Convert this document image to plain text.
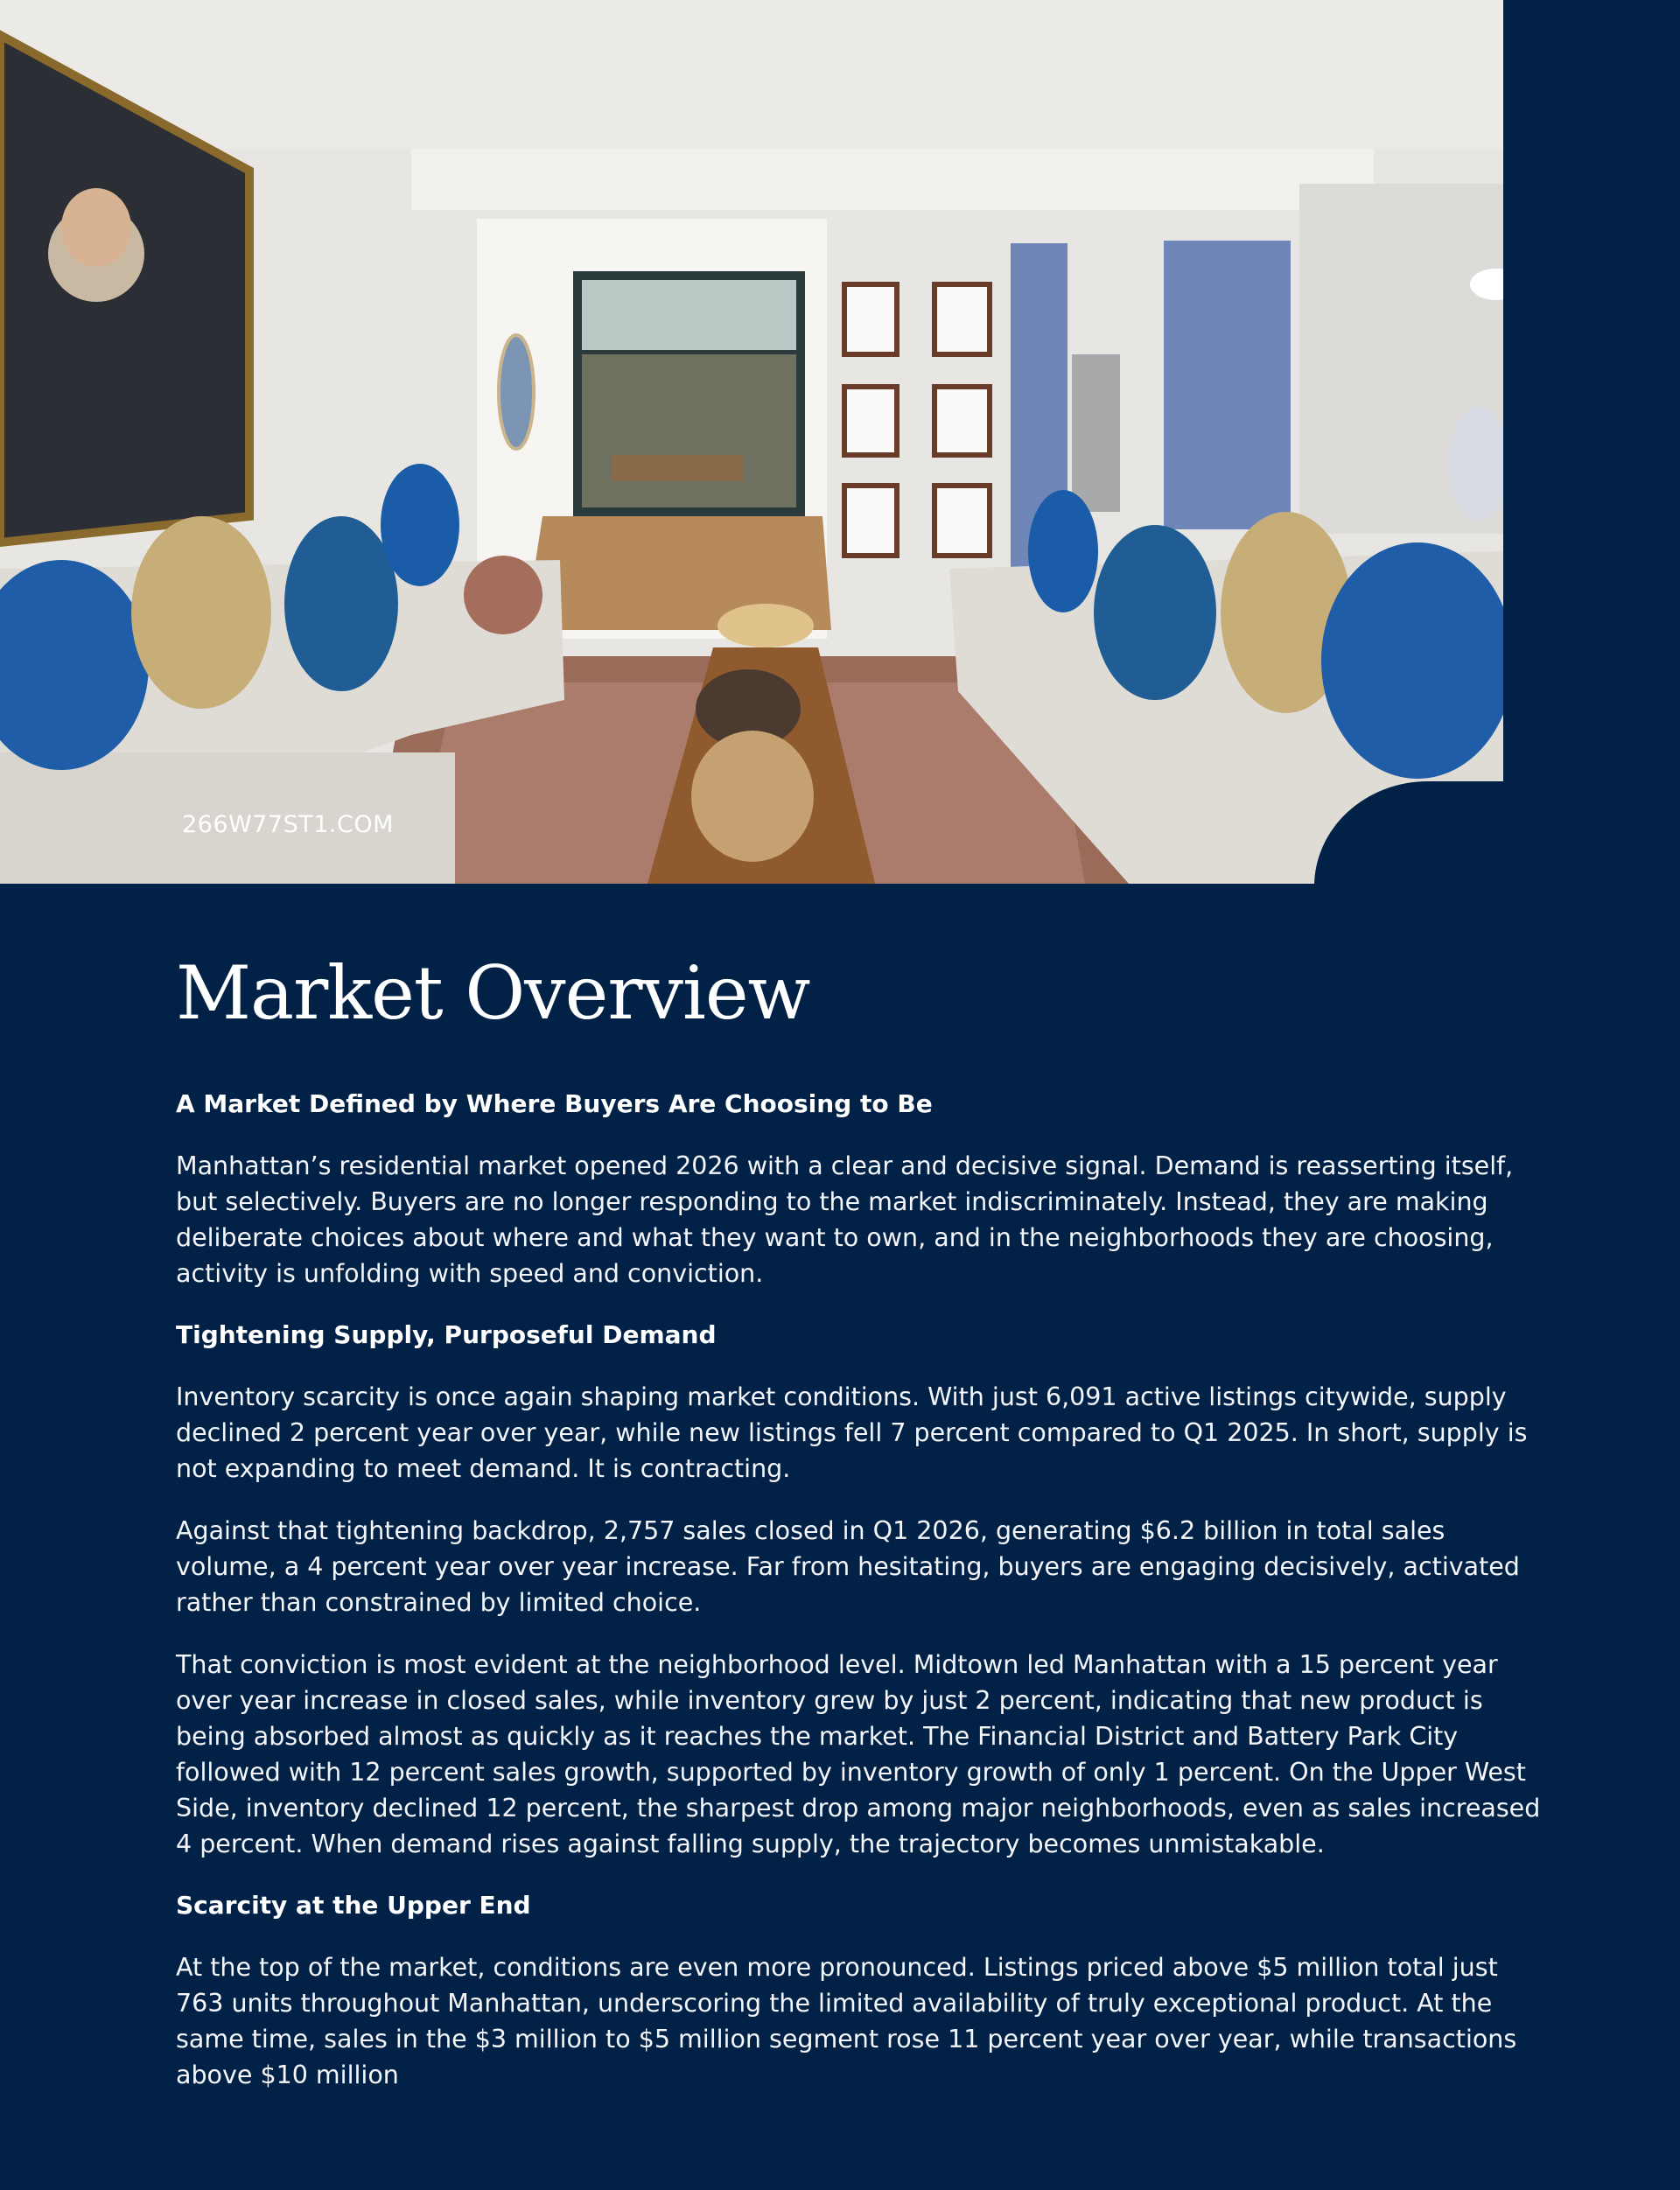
266W77ST1.COM
Market Overview
A Market Defined by Where Buyers Are Choosing to Be

Manhattan’s residential market opened 2026 with a clear and decisive signal. Demand is reasserting itself, but selectively. Buyers are no longer responding to the market indiscriminately. Instead, they are making deliberate choices about where and what they want to own, and in the neighborhoods they are choosing, activity is unfolding with speed and conviction.

Tightening Supply, Purposeful Demand

Inventory scarcity is once again shaping market conditions. With just 6,091 active listings citywide, supply declined 2 percent year over year, while new listings fell 7 percent compared to Q1 2025. In short, supply is not expanding to meet demand. It is contracting.

Against that tightening backdrop, 2,757 sales closed in Q1 2026, generating $6.2 billion in total sales volume, a 4 percent year over year increase. Far from hesitating, buyers are engaging decisively, activated rather than constrained by limited choice.

That conviction is most evident at the neighborhood level. Midtown led Manhattan with a 15 percent year over year increase in closed sales, while inventory grew by just 2 percent, indicating that new product is being absorbed almost as quickly as it reaches the market. The Financial District and Battery Park City followed with 12 percent sales growth, supported by inventory growth of only 1 percent. On the Upper West Side, inventory declined 12 percent, the sharpest drop among major neighborhoods, even as sales increased 4 percent. When demand rises against falling supply, the trajectory becomes unmistakable.

Scarcity at the Upper End

At the top of the market, conditions are even more pronounced. Listings priced above $5 million total just 763 units throughout Manhattan, underscoring the limited availability of truly exceptional product. At the same time, sales in the $3 million to $5 million segment rose 11 percent year over year, while transactions above $10 million
